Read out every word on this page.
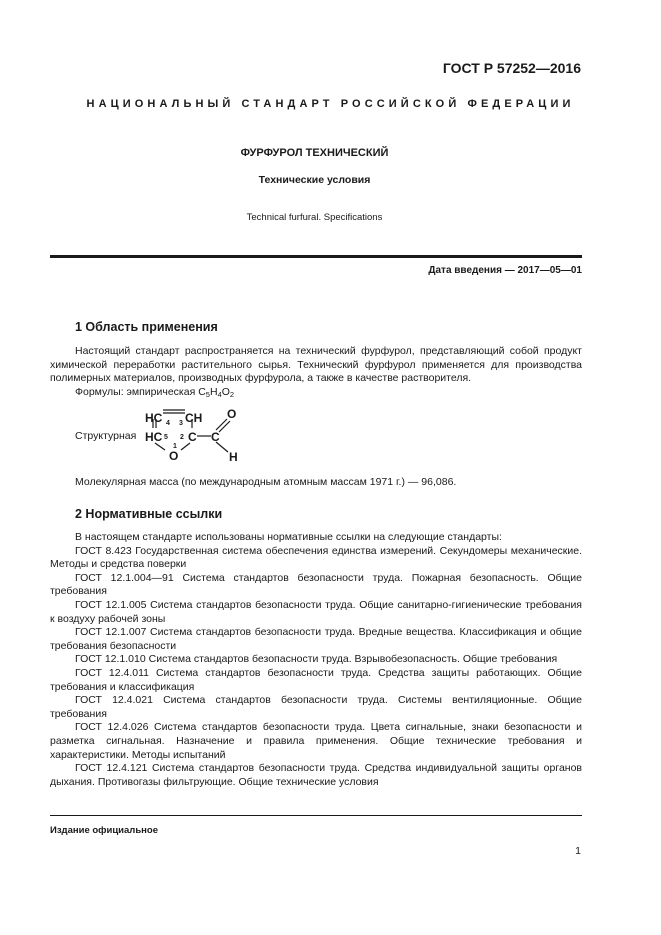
ГОСТ Р 57252—2016
НАЦИОНАЛЬНЫЙ СТАНДАРТ РОССИЙСКОЙ ФЕДЕРАЦИИ
ФУРФУРОЛ ТЕХНИЧЕСКИЙ
Технические условия
Technical furfural. Specifications
Дата введения — 2017—05—01
1 Область применения

Настоящий стандарт распространяется на технический фурфурол, представляющий собой продукт химической переработки растительного сырья. Технический фурфурол применяется для производства полимерных материалов, производных фурфурола, а также в качестве растворителя.

Формулы: эмпирическая $C_5H_4O_2$
Структурная
HC CH
HC C C
O
O
H
4 3
5 2
1
Молекулярная масса (по международным атомным массам 1971 г.) — 96,086.
2 Нормативные ссылки

В настоящем стандарте использованы нормативные ссылки на следующие стандарты:

ГОСТ 8.423 Государственная система обеспечения единства измерений. Секундомеры механические. Методы и средства поверки

ГОСТ 12.1.004—91 Система стандартов безопасности труда. Пожарная безопасность. Общие требования

ГОСТ 12.1.005 Система стандартов безопасности труда. Общие санитарно-гигиенические требования к воздуху рабочей зоны

ГОСТ 12.1.007 Система стандартов безопасности труда. Вредные вещества. Классификация и общие требования безопасности

ГОСТ 12.1.010 Система стандартов безопасности труда. Взрывобезопасность. Общие требования

ГОСТ 12.4.011 Система стандартов безопасности труда. Средства защиты работающих. Общие требования и классификация

ГОСТ 12.4.021 Система стандартов безопасности труда. Системы вентиляционные. Общие требования

ГОСТ 12.4.026 Система стандартов безопасности труда. Цвета сигнальные, знаки безопасности и разметка сигнальная. Назначение и правила применения. Общие технические требования и характеристики. Методы испытаний

ГОСТ 12.4.121 Система стандартов безопасности труда. Средства индивидуальной защиты органов дыхания. Противогазы фильтрующие. Общие технические условия

Издание официальное
1
